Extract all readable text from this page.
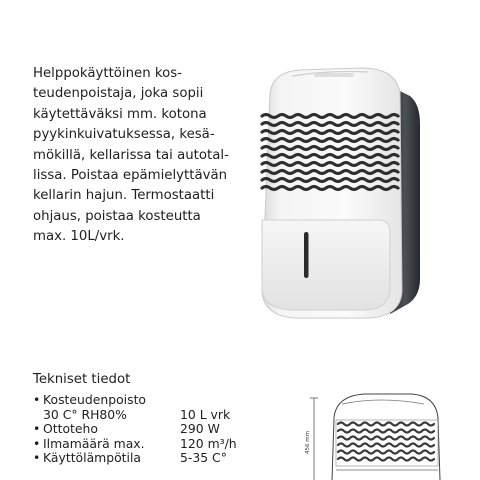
Helppokäyttöinen kos-
teudenpoistaja, joka sopii
käytettäväksi mm. kotona
pyykinkuivatuksessa, kesä-
mökillä, kellarissa tai autotal-
lissa. Poistaa epämielyttävän
kellarin hajun. Termostaatti
ohjaus, poistaa kosteutta
max. 10L/vrk.
Tekniset tiedot
• Kosteudenpoisto
30 C° RH80%	10 L vrk
• Ottoteho	290 W
• Ilmamäärä max.	120 m³/h
• Käyttölämpötila	5-35 C°
456 mm
